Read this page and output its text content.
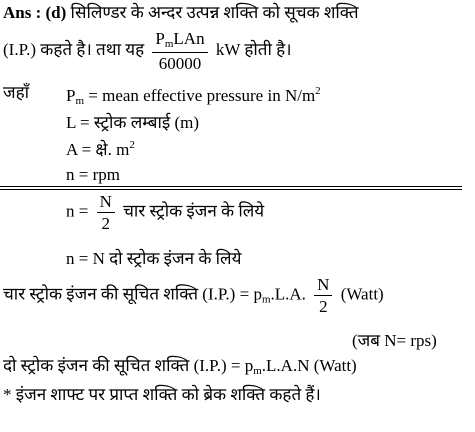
Ans : (d) सिलिण्डर के अन्दर उत्पन्न शक्ति को सूचक शक्ति
(I.P.) कहते है। तथा यह $\frac{P_mLAn}{60000}$ kW होती है।
जहाँ $P_m$ = mean effective pressure in $N/m^2$
L = स्ट्रोक लम्बाई (m)
A = क्षे. $m^2$
n = rpm
$n = \frac{N}{2}$ चार स्ट्रोक इंजन के लिये
n = N दो स्ट्रोक इंजन के लिये
चार स्ट्रोक इंजन की सूचित शक्ति $(I.P.) = p_m.L.A$. $\frac{N}{2}$ (Watt)
(जब N= rps)
दो स्ट्रोक इंजन की सूचित शक्ति $(I.P.) = p_m.L.A.N$ (Watt)
* इंजन शाफ्ट पर प्राप्त शक्ति को ब्रेक शक्ति कहते हैं।
